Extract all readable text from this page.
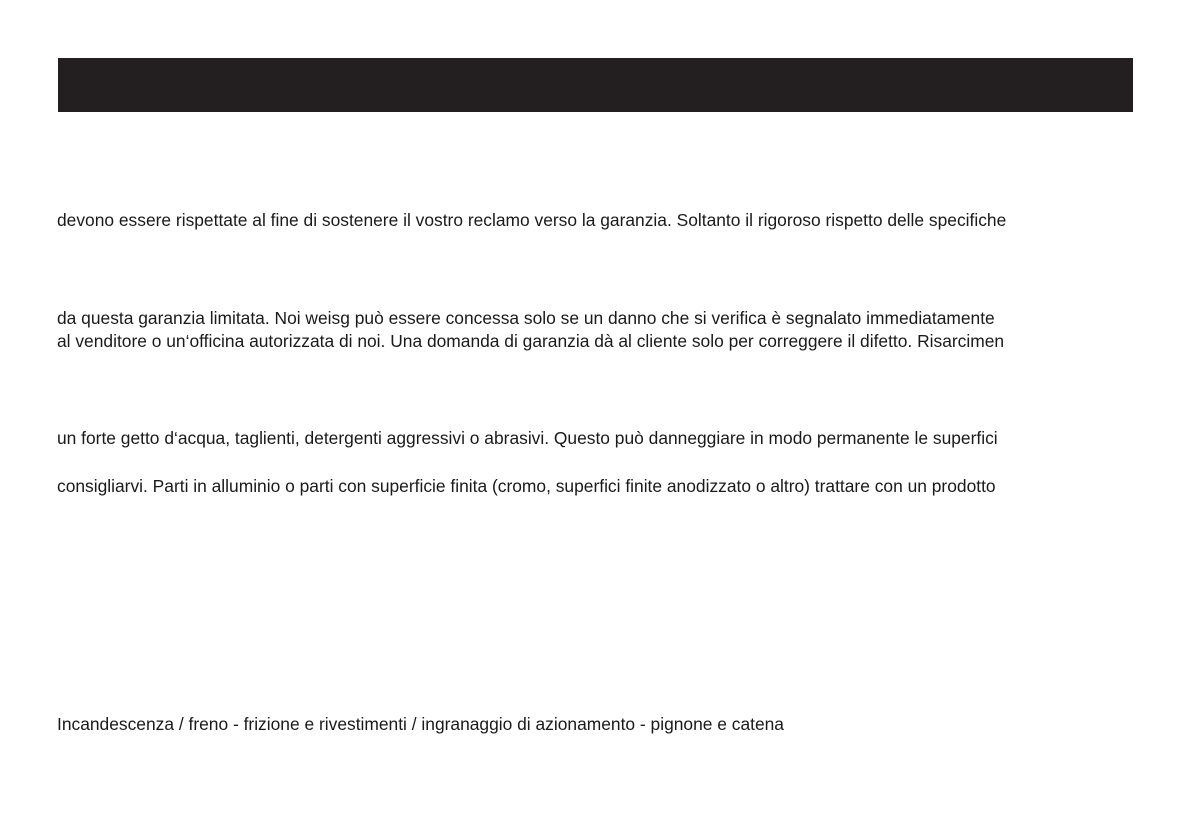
devono essere rispettate al fine di sostenere il vostro reclamo verso la garanzia. Soltanto il rigoroso rispetto delle specifiche
da questa garanzia limitata. Noi weisg può essere concessa solo se un danno che si verifica è segnalato immediatamente
al venditore o un‘officina autorizzata di noi. Una domanda di garanzia dà al cliente solo per correggere il difetto. Risarcimen
un forte getto d‘acqua, taglienti, detergenti aggressivi o abrasivi. Questo può danneggiare in modo permanente le superfici
consigliarvi. Parti in alluminio o parti con superficie finita (cromo, superfici finite anodizzato o altro) trattare con un prodotto
Incandescenza / freno - frizione e rivestimenti / ingranaggio di azionamento - pignone e catena
